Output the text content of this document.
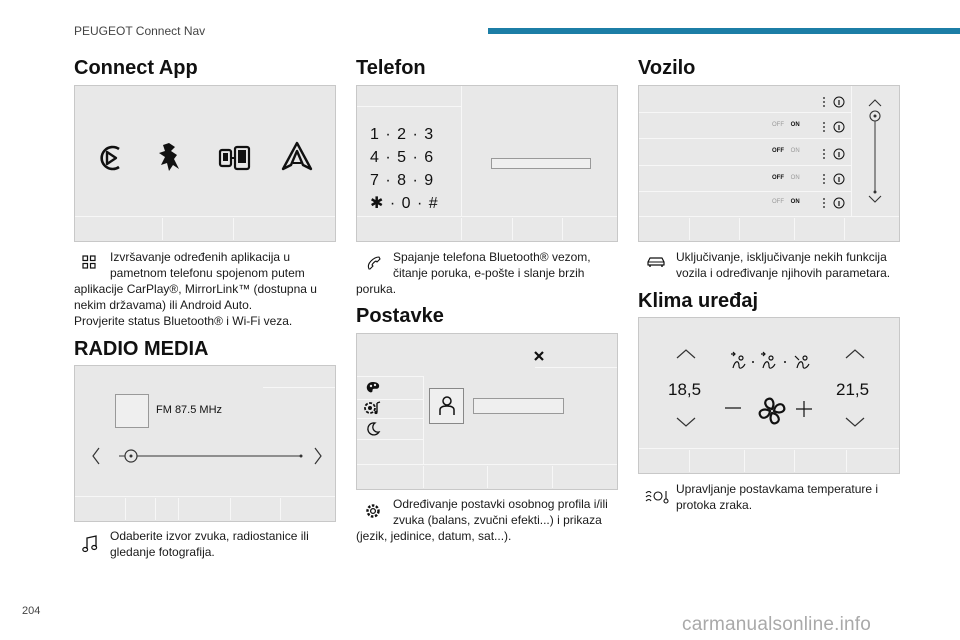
PEUGEOT Connect Nav
Connect App
Izvršavanje određenih aplikacija u
pametnom telefonu spojenom putem
aplikacije CarPlay®, MirrorLink™ (dostupna u
nekim državama) ili Android Auto.
Provjerite status Bluetooth® i Wi-Fi veza.
RADIO MEDIA
FM 87.5 MHz
Odaberite izvor zvuka, radiostanice ili
gledanje fotografija.
Telefon
1 · 2 · 3
4 · 5 · 6
7 · 8 · 9
✱ · 0 · #
Spajanje telefona Bluetooth® vezom,
čitanje poruka, e-pošte i slanje brzih
poruka.
Postavke
Određivanje postavki osobnog profila i/ili
zvuka (balans, zvučni efekti...) i prikaza
(jezik, jedinice, datum, sat...).
Vozilo
OFF ON
OFF ON
OFF ON
OFF ON
Uključivanje, isključivanje nekih funkcija
vozila i određivanje njihovih parametara.
Klima uređaj
18,5	21,5
Upravljanje postavkama temperature i
protoka zraka.
204
carmanualsonline.info
